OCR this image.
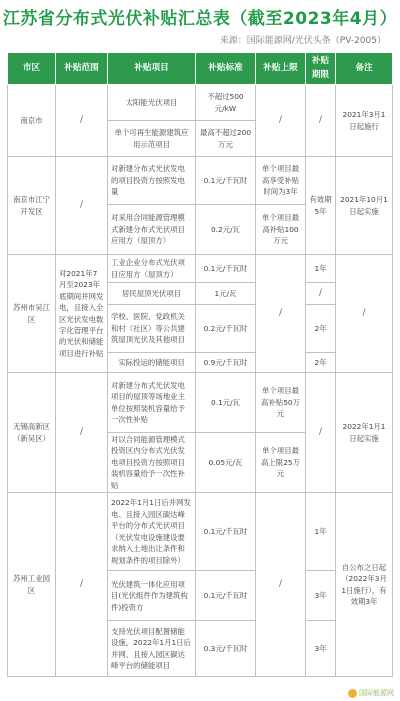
江苏省分布式光伏补贴汇总表（截至2023年4月）
来源：国际能源网/光伏头条（PV-2005）
市区	补贴范围	补贴项目	补贴标准	补贴上限	补贴期限	备注
南京市	/	太阳能光伏项目	不超过500元/kW	/	/	2021年3月1日起施行
		单个可再生能源建筑应用示范项目	最高不超过200万元			
南京市江宁开发区	/	对新建分布式光伏发电的项目投资方按照发电量	0.1元/千瓦时	单个项目最高享受补贴时间为3年	有效期5年	2021年10月1日起实施
		对采用合同能源管理模式新建分布式光伏项目应用方（屋顶方）	0.2元/瓦	单个项目最高补贴100万元		
苏州市吴江区	对2021年7月至2023年底期间并网发电，且接入全区光伏发电数字化管理平台的光伏和储能项目进行补贴	工业企业分布式光伏项目应用方（屋顶方）	0.1元/千瓦时	/	1年	/
		居民屋顶光伏项目	1元/瓦		/	
		学校、医院、党政机关和村（社区）等公共建筑屋顶光伏及其他项目	0.2元/千瓦时		2年	
		实际投运的储能项目	0.9元/千瓦时		2年	
无锡高新区（新吴区）	/	对新建分布式光伏发电项目的屋顶等场地业主单位按照装机容量给予一次性补贴	0.1元/瓦	单个项目最高补贴50万元	/	2022年1月1日起实施
		对以合同能源管理模式投资区内分布式光伏发电项目投资方按照项目装机容量给予一次性补贴	0.05元/瓦	单个项目最高上限25万元		
苏州工业园区	/	2022年1月1日后并网发电、且接入园区碳达峰平台的分布式光伏项目（光伏发电设施建设要求纳入土地出让条件和规划条件的项目除外）	0.1元/千瓦时	/	1年	自公布之日起（2022年3月1日施行），有效期3年
		光伏建筑一体化应用项目(光伏组件作为建筑构件)投资方	0.1元/千瓦时		3年	
		支持光伏项目配置储能设施，2022年1月1日后并网、且接入园区碳达峰平台的储能项目	0.3元/千瓦时		3年	
国际能源网
